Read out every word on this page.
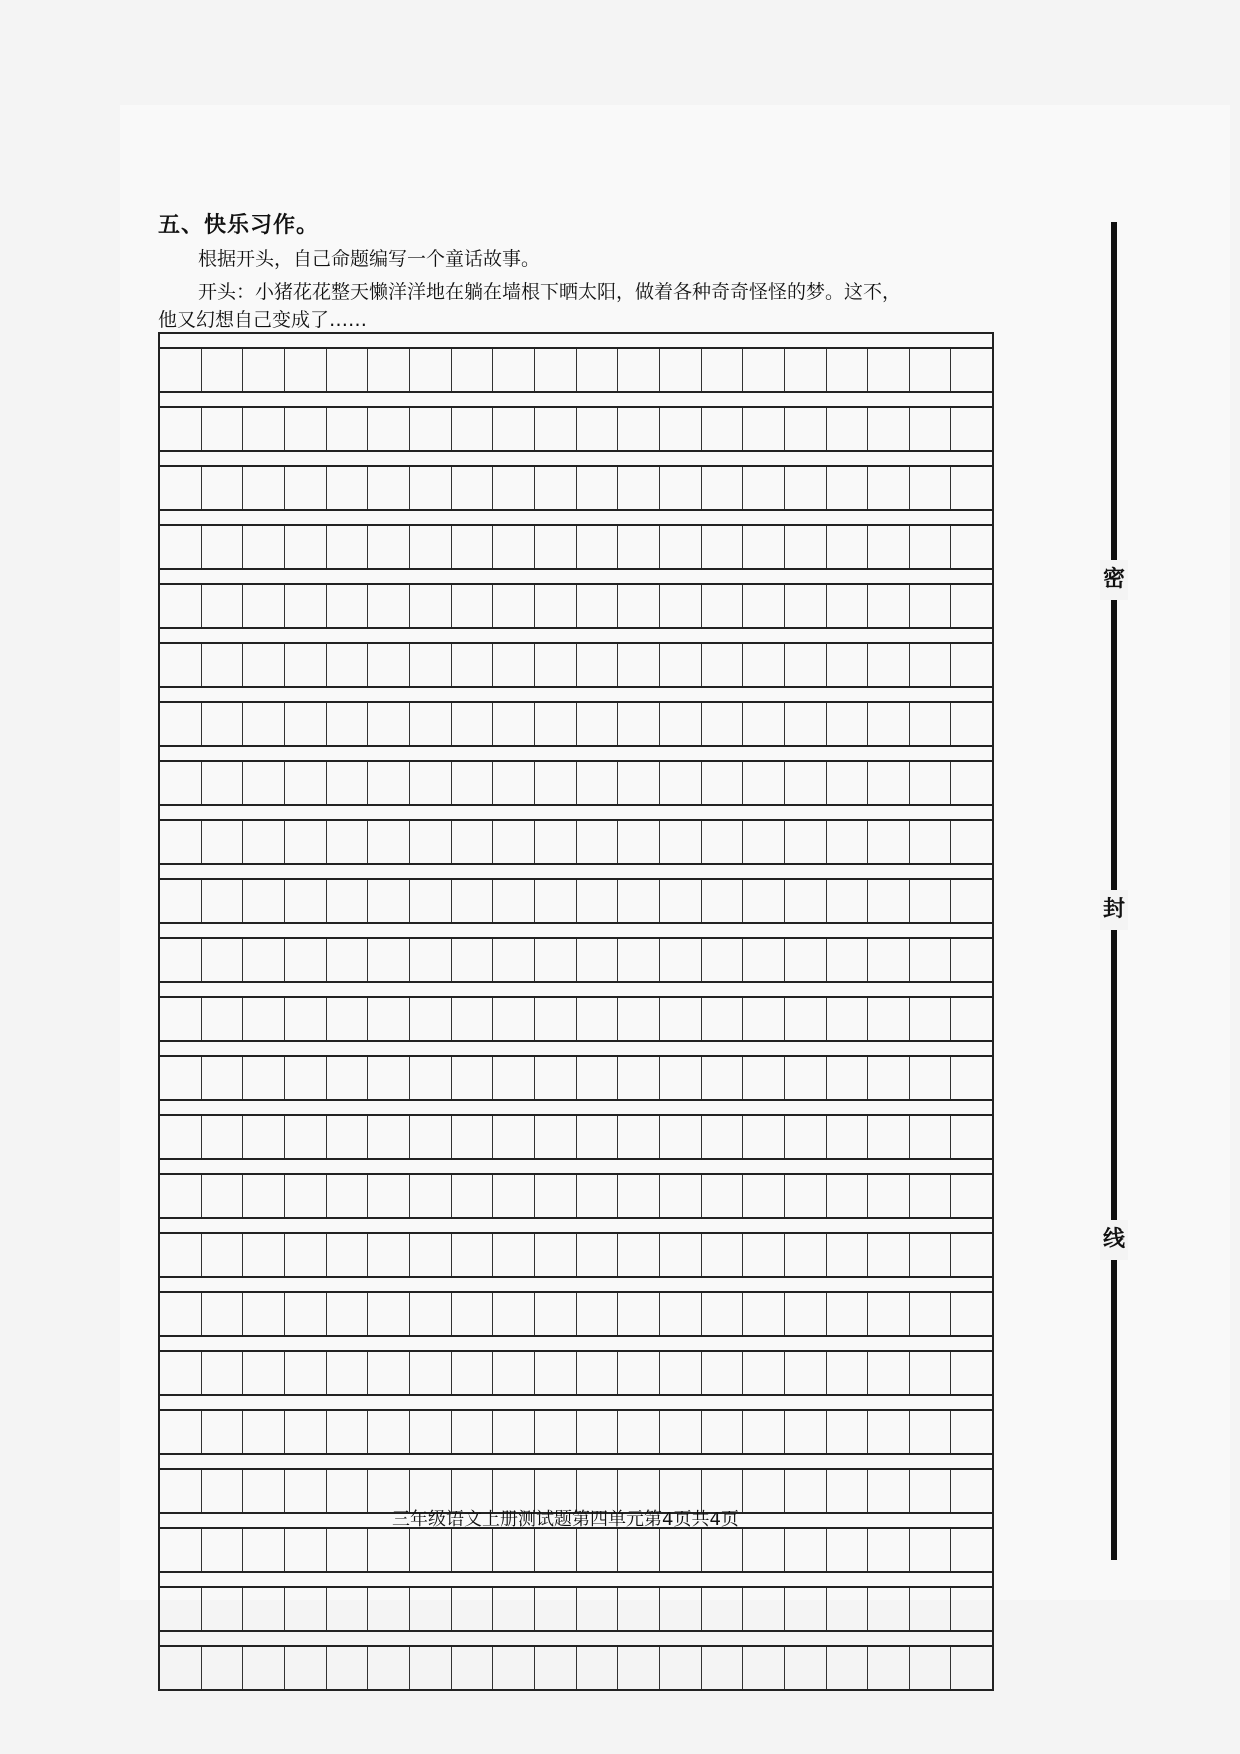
五、快乐习作。
根据开头，自己命题编写一个童话故事。
开头：小猪花花整天懒洋洋地在躺在墙根下晒太阳，做着各种奇奇怪怪的梦。这不，
他又幻想自己变成了……
三年级语文上册测试题第四单元第4页共4页
密
封
线
